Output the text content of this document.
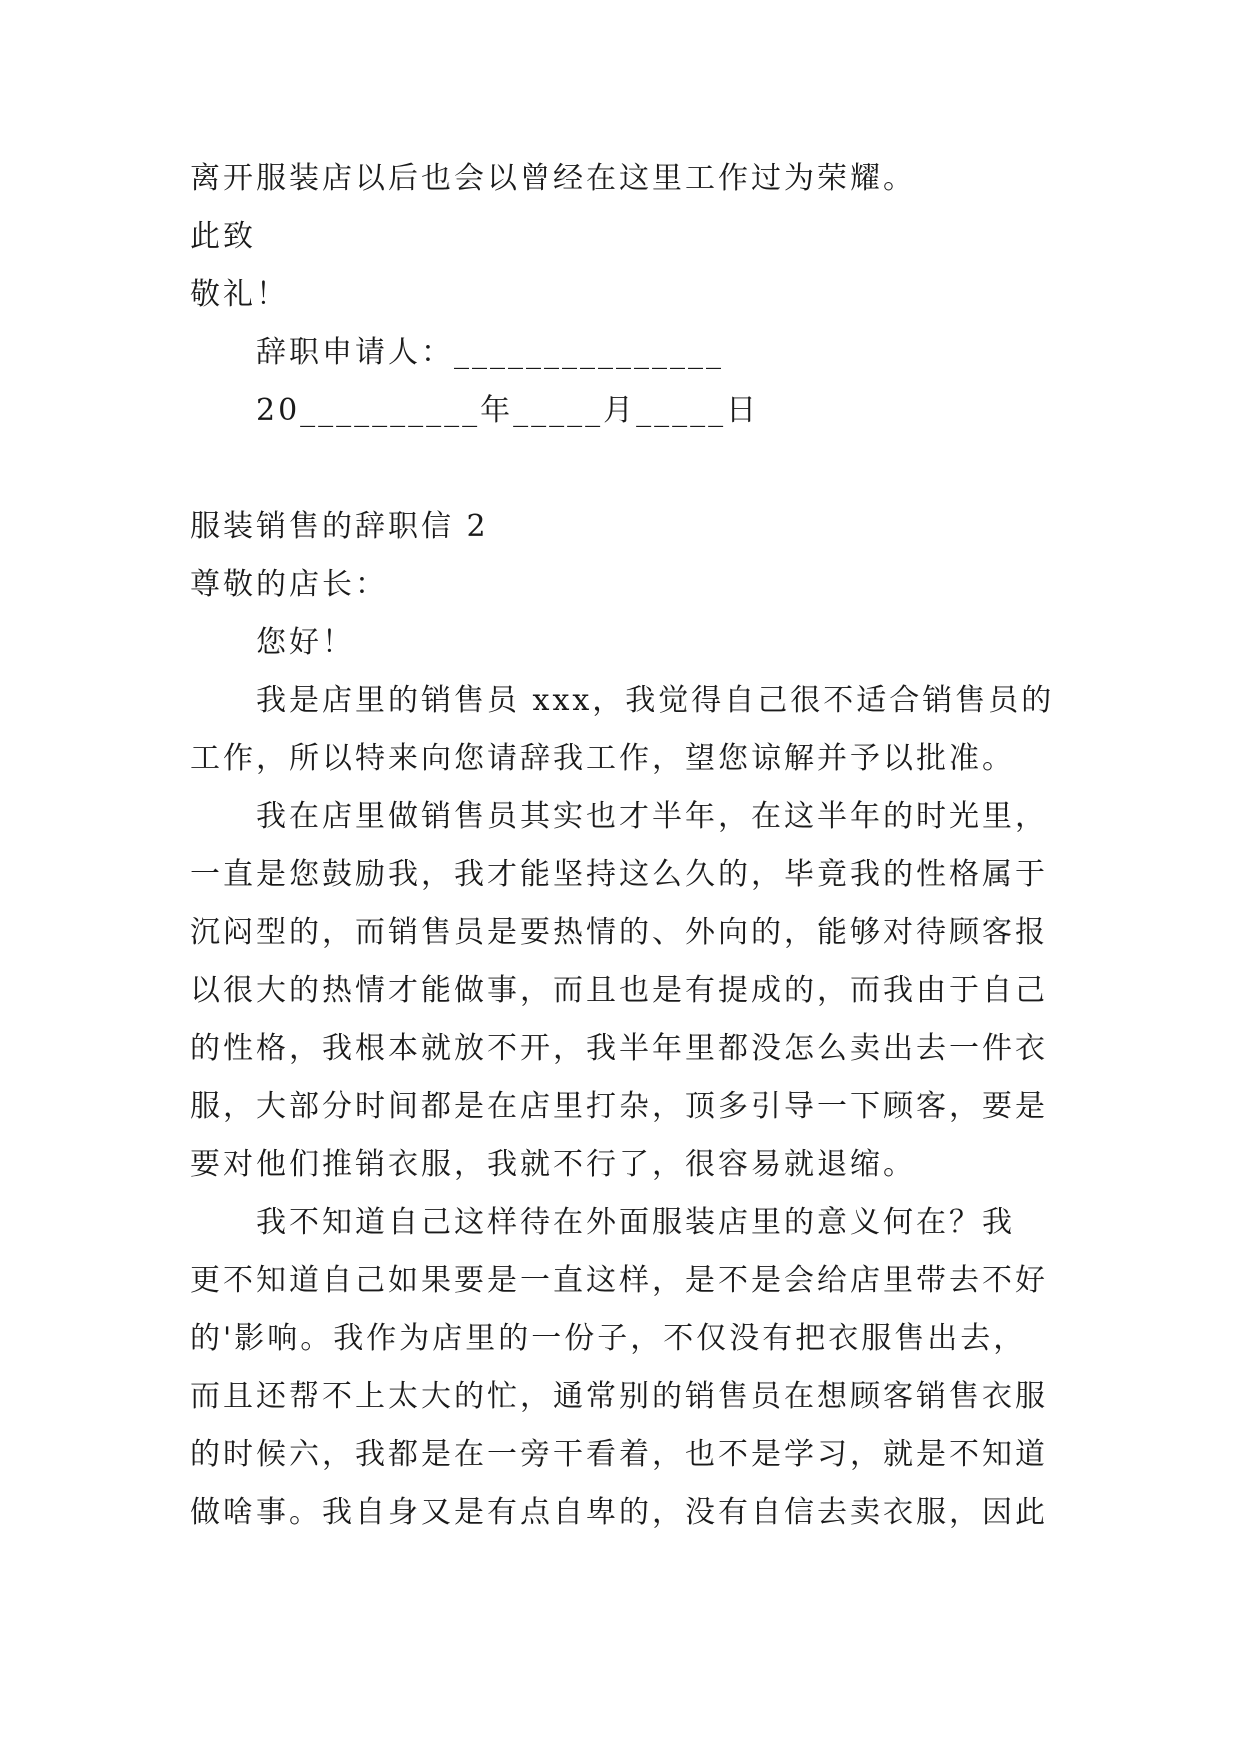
离开服装店以后也会以曾经在这里工作过为荣耀。
此致
敬礼！
辞职申请人：_______________
20__________年_____月_____日
服装销售的辞职信 2
尊敬的店长：
您好！
我是店里的销售员 xxx，我觉得自己很不适合销售员的
工作，所以特来向您请辞我工作，望您谅解并予以批准。
我在店里做销售员其实也才半年，在这半年的时光里，
一直是您鼓励我，我才能坚持这么久的，毕竟我的性格属于
沉闷型的，而销售员是要热情的、外向的，能够对待顾客报
以很大的热情才能做事，而且也是有提成的，而我由于自己
的性格，我根本就放不开，我半年里都没怎么卖出去一件衣
服，大部分时间都是在店里打杂，顶多引导一下顾客，要是
要对他们推销衣服，我就不行了，很容易就退缩。
我不知道自己这样待在外面服装店里的意义何在？我
更不知道自己如果要是一直这样，是不是会给店里带去不好
的'影响。我作为店里的一份子，不仅没有把衣服售出去，
而且还帮不上太大的忙，通常别的销售员在想顾客销售衣服
的时候六，我都是在一旁干看着，也不是学习，就是不知道
做啥事。我自身又是有点自卑的，没有自信去卖衣服，因此
